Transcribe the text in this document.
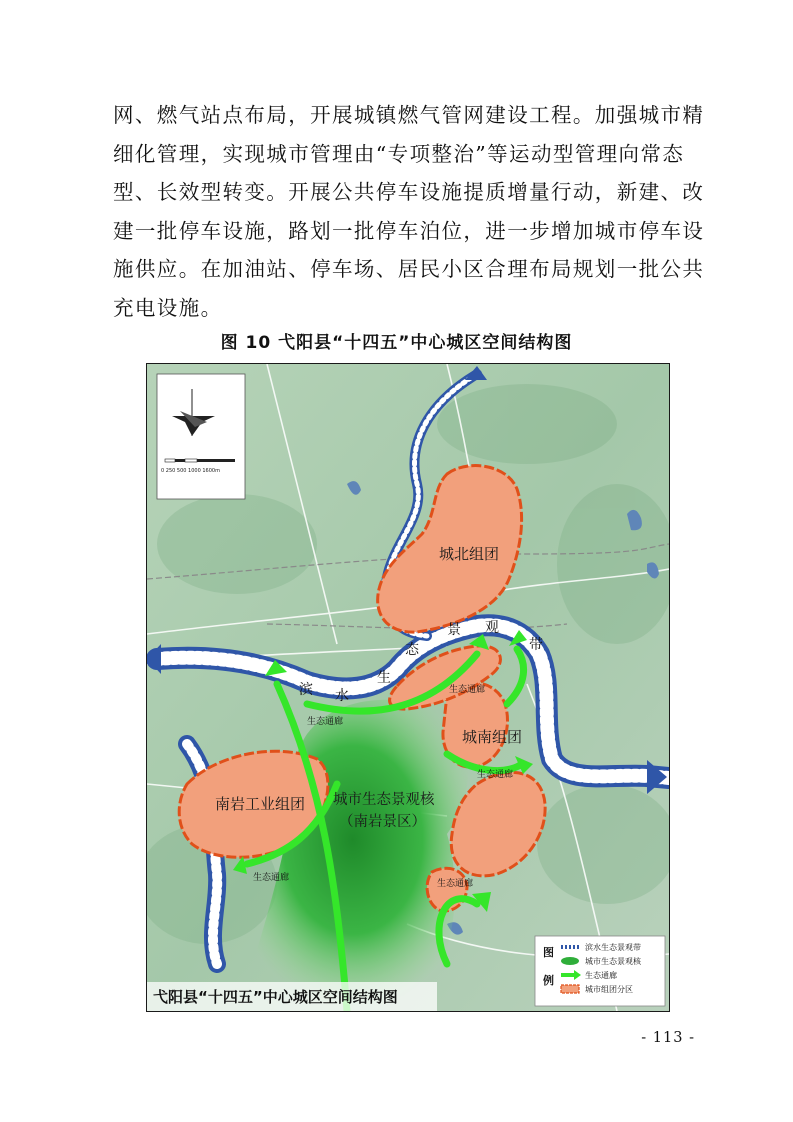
网、燃气站点布局，开展城镇燃气管网建设工程。加强城市精
细化管理，实现城市管理由“专项整治”等运动型管理向常态
型、长效型转变。开展公共停车设施提质增量行动，新建、改
建一批停车设施，路划一批停车泊位，进一步增加城市停车设
施供应。在加油站、停车场、居民小区合理布局规划一批公共
充电设施。
图 10 弋阳县“十四五”中心城区空间结构图
0 250 500 1000 1600m
城北组团
城南组团
南岩工业组团 城市生态景观核
（南岩景区）
滨 水
生
态
景 观
带
生态通廊
生态通廊
生态通廊
生态通廊
生态通廊
弋阳县“十四五”中心城区空间结构图
图
例
滨水生态景观带
城市生态景观核
生态通廊
城市组团分区
- 113 -
